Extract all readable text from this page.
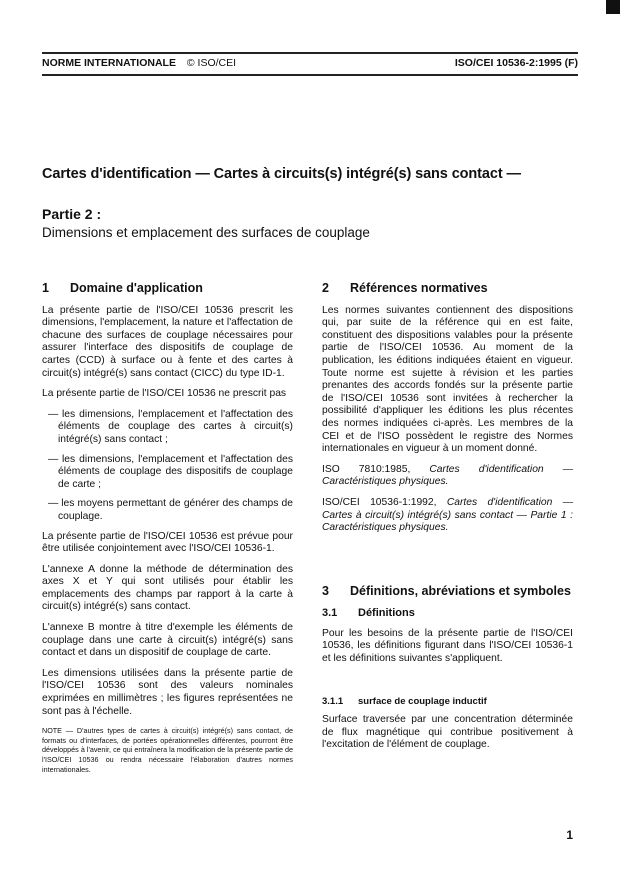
NORME INTERNATIONALE © ISO/CEI	ISO/CEI 10536-2:1995 (F)
Cartes d'identification — Cartes à circuits(s) intégré(s) sans contact —
Partie 2 :
Dimensions et emplacement des surfaces de couplage
1	Domaine d'application

La présente partie de l'ISO/CEI 10536 prescrit les dimensions, l'emplacement, la nature et l'affectation de chacune des surfaces de couplage nécessaires pour assurer l'interface des dispositifs de couplage de cartes (CCD) à surface ou à fente et des cartes à circuit(s) intégré(s) sans contact (CICC) du type ID-1.

La présente partie de l'ISO/CEI 10536 ne prescrit pas

— les dimensions, l'emplacement et l'affectation des éléments de couplage des cartes à circuit(s) intégré(s) sans contact ;
— les dimensions, l'emplacement et l'affectation des éléments de couplage des dispositifs de couplage de carte ;
— les moyens permettant de générer des champs de couplage.

La présente partie de l'ISO/CEI 10536 est prévue pour être utilisée conjointement avec l'ISO/CEI 10536-1.

L'annexe A donne la méthode de détermination des axes X et Y qui sont utilisés pour établir les emplacements des champs par rapport à la carte à circuit(s) intégré(s) sans contact.

L'annexe B montre à titre d'exemple les éléments de couplage dans une carte à circuit(s) intégré(s) sans contact et dans un dispositif de couplage de carte.

Les dimensions utilisées dans la présente partie de l'ISO/CEI 10536 sont des valeurs nominales exprimées en millimètres ; les figures représentées ne sont pas à l'échelle.

NOTE — D'autres types de cartes à circuit(s) intégré(s) sans contact, de formats ou d'interfaces, de portées opérationnelles différentes, pourront être développés à l'avenir, ce qui entraînera la modification de la présente partie de l'ISO/CEI 10536 ou rendra nécessaire l'élaboration d'autres normes internationales.

2	Références normatives

Les normes suivantes contiennent des dispositions qui, par suite de la référence qui en est faite, constituent des dispositions valables pour la présente partie de l'ISO/CEI 10536. Au moment de la publication, les éditions indiquées étaient en vigueur. Toute norme est sujette à révision et les parties prenantes des accords fondés sur la présente partie de l'ISO/CEI 10536 sont invitées à rechercher la possibilité d'appliquer les éditions les plus récentes des normes indiquées ci-après. Les membres de la CEI et de l'ISO possèdent le registre des Normes internationales en vigueur à un moment donné.

ISO 7810:1985, Cartes d'identification — Caractéristiques physiques.

ISO/CEI 10536-1:1992, Cartes d'identification — Cartes à circuit(s) intégré(s) sans contact — Partie 1 : Caractéristiques physiques.

3	Définitions, abréviations et symboles
3.1	Définitions

Pour les besoins de la présente partie de l'ISO/CEI 10536, les définitions figurant dans l'ISO/CEI 10536-1 et les définitions suivantes s'appliquent.

3.1.1	surface de couplage inductif

Surface traversée par une concentration déterminée de flux magnétique qui contribue positivement à l'excitation de l'élément de couplage.

1
